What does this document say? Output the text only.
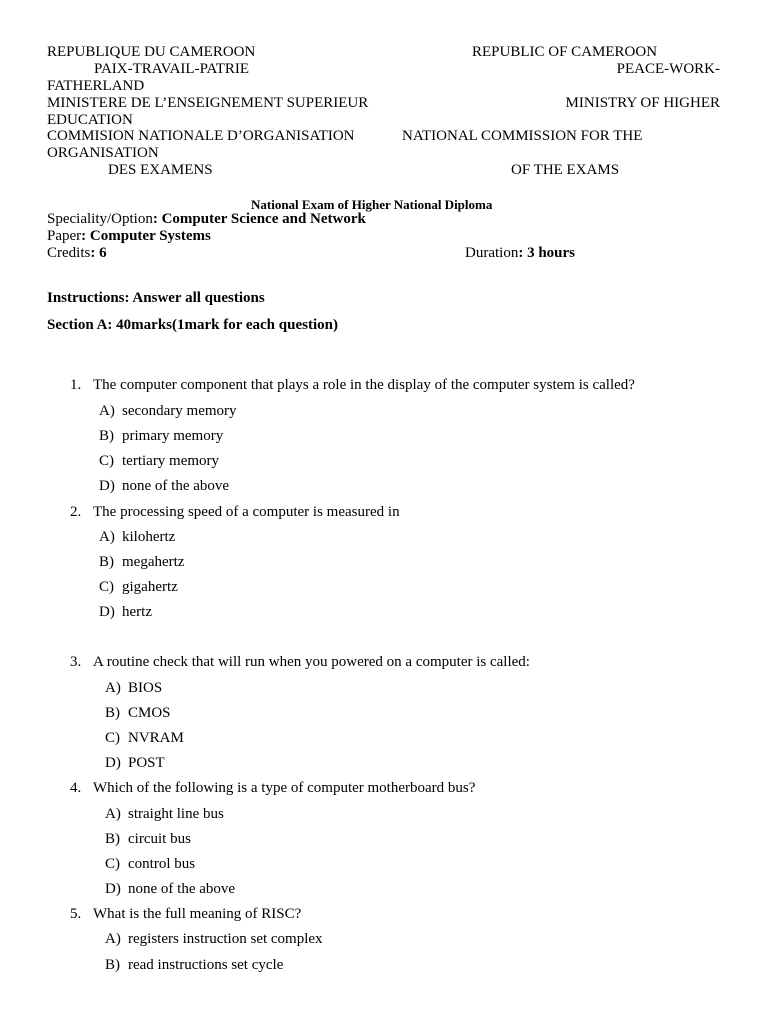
REPUBLIQUE DU CAMEROON	REPUBLIC OF CAMEROON
PAIX-TRAVAIL-PATRIE	PEACE-WORK-
FATHERLAND
MINISTERE DE L’ENSEIGNEMENT SUPERIEUR	MINISTRY OF HIGHER
EDUCATION
COMMISION NATIONALE D’ORGANISATION	NATIONAL COMMISSION FOR THE
ORGANISATION
DES EXAMENS	OF THE EXAMS
National Exam of Higher National Diploma
Speciality/Option: Computer Science and Network
Paper: Computer Systems
Credits: 6	Duration: 3 hours
Instructions: Answer all questions
Section A: 40marks(1mark for each question)
1. The computer component that plays a role in the display of the computer system is called?
A) secondary memory
B) primary memory
C) tertiary memory
D) none of the above
2. The processing speed of a computer is measured in
A) kilohertz
B) megahertz
C) gigahertz
D) hertz
3. A routine check that will run when you powered on a computer is called:
A) BIOS
B) CMOS
C) NVRAM
D) POST
4. Which of the following is a type of computer motherboard bus?
A) straight line bus
B) circuit bus
C) control bus
D) none of the above
5. What is the full meaning of RISC?
A) registers instruction set complex
B) read instructions set cycle
